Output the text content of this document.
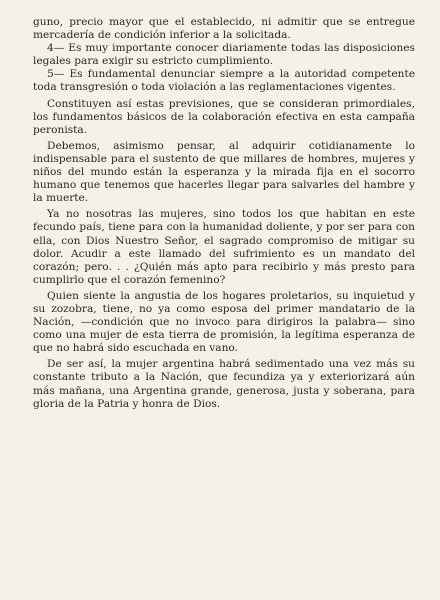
guno, precio mayor que el establecido, ni admitir que se entregue mercadería de condición inferior a la solicitada.

4— Es muy importante conocer diariamente todas las disposiciones legales para exigir su estricto cumplimiento.

5— Es fundamental denunciar siempre a la autoridad competente toda transgresión o toda violación a las reglamentaciones vigentes.

Constituyen así estas previsiones, que se consideran primordiales, los fundamentos básicos de la colaboración efectiva en esta campaña peronista.

Debemos, asimismo pensar, al adquirir cotidianamente lo indispensable para el sustento de que millares de hombres, mujeres y niños del mundo están la esperanza y la mirada fija en el socorro humano que tenemos que hacerles llegar para salvarles del hambre y la muerte.

Ya no nosotras las mujeres, sino todos los que habitan en este fecundo país, tiene para con la humanidad doliente, y por ser para con ella, con Dios Nuestro Señor, el sagrado compromiso de mitigar su dolor. Acudir a este llamado del sufrimiento es un mandato del corazón; pero. . . ¿Quién más apto para recibirlo y más presto para cumplirlo que el corazón femenino?

Quien siente la angustia de los hogares proletarios, su inquietud y su zozobra, tiene, no ya como esposa del primer mandatario de la Nación, —condición que no invoco para dirigiros la palabra— sino como una mujer de esta tierra de promisión, la legítima esperanza de que no habrá sido escuchada en vano.

De ser así, la mujer argentina habrá sedimentado una vez más su constante tributo a la Nación, que fecundiza ya y exteriorizará aún más mañana, una Argentina grande, generosa, justa y soberana, para gloria de la Patria y honra de Dios.
